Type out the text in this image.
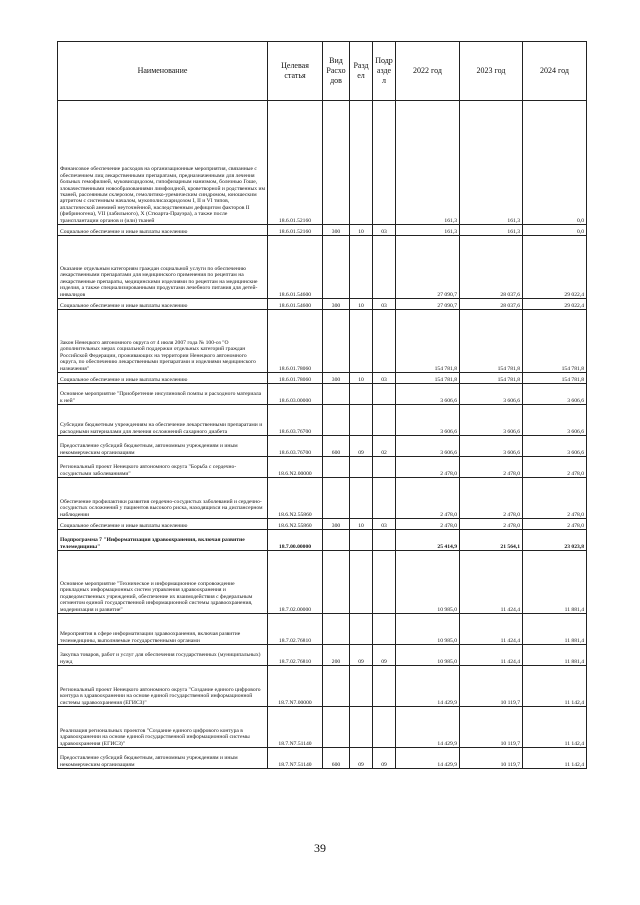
Наименование	Целевая статья	Вид Расхо дов	Разд ел	Подр азде л	2022 год	2023 год	2024 год
Финансовое обеспечение расходов на организационные мероприятия, связанные с обеспечением лиц лекарственными препаратами, предназначенными для лечения больных гемофилией, муковисцидозом, гипофизарным нанизмом, болезнью Гоше, злокачественными новообразованиями лимфоидной, кроветворной и родственных им тканей, рассеянным склерозом, гемолитико-уремическим синдромом, юношеским артритом с системным началом, мукополисахаридозом I, II и VI типов, апластической анемией неуточнённой, наследственным дефицитом факторов II (фибриногена), VII (лабильного), X (Стюарта-Прауэра), а также после трансплантации органов и (или) тканей	18.6.01.52160				161,3	161,3	0,0
Социальное обеспечение и иные выплаты населению	18.6.01.52160	300	10	03	161,3	161,3	0,0
Оказание отдельным категориям граждан социальной услуги по обеспечению лекарственными препаратами для медицинского применения по рецептам на лекарственные препараты, медицинскими изделиями по рецептам на медицинские изделия, а также специализированными продуктами лечебного питания для детей-инвалидов	18.6.01.54600				27 090,7	28 037,6	29 022,4
Социальное обеспечение и иные выплаты населению	18.6.01.54600	300	10	03	27 090,7	28 037,6	29 022,4
Закон Ненецкого автономного округа от 4 июля 2007 года № 100-оз "О дополнительных мерах социальной поддержки отдельных категорий граждан Российской Федерации, проживающих на территории Ненецкого автономного округа, по обеспечению лекарственными препаратами и изделиями медицинского назначения"	18.6.01.78060				154 781,8	154 781,8	154 781,8
Социальное обеспечение и иные выплаты населению	18.6.01.78060	300	10	03	154 781,8	154 781,8	154 781,8
Основное мероприятие "Приобретение инсулиновой помпы и расходного материала к ней"	18.6.03.00000				3 606,6	3 606,6	3 606,6
Субсидии бюджетным учреждениям на обеспечение лекарственными препаратами и расходными материалами для лечения осложнений сахарного диабета	18.6.03.76700				3 606,6	3 606,6	3 606,6
Предоставление субсидий бюджетным, автономным учреждениям и иным некоммерческим организациям	18.6.03.76700	600	09	02	3 606,6	3 606,6	3 606,6
Региональный проект Ненецкого автономного округа "Борьба с сердечно-сосудистыми заболеваниями"	18.6.N2.00000				2 478,0	2 478,0	2 478,0
Обеспечение профилактики развития сердечно-сосудистых заболеваний и сердечно-сосудистых осложнений у пациентов высокого риска, находящихся на диспансерном наблюдении	18.6.N2.55860				2 478,0	2 478,0	2 478,0
Социальное обеспечение и иные выплаты населению	18.6.N2.55860	300	10	03	2 478,0	2 478,0	2 478,0
Подпрограмма 7 "Информатизация здравоохранения, включая развитие телемедицины"	18.7.00.00000				25 414,9	21 564,1	23 023,8
Основное мероприятие "Техническое и информационное сопровождение прикладных информационных систем управления здравоохранения и подведомственных учреждений, обеспечение их взаимодействия с федеральным сегментом единой государственной информационной системы здравоохранения, модернизация и развитие"	18.7.02.00000				10 985,0	11 424,4	11 881,4
Мероприятия в сфере информатизации здравоохранения, включая развитие телемедицины, выполняемые государственными органами	18.7.02.76810				10 985,0	11 424,4	11 881,4
Закупка товаров, работ и услуг для обеспечения государственных (муниципальных) нужд	18.7.02.76810	200	09	09	10 985,0	11 424,4	11 881,4
Региональный проект Ненецкого автономного округа "Создание единого цифрового контура в здравоохранении на основе единой государственной информационной системы здравоохранения (ЕГИСЗ)"	18.7.N7.00000				14 429,9	10 119,7	11 142,4
Реализация региональных проектов "Создание единого цифрового контура в здравоохранении на основе единой государственной информационной системы здравоохранения (ЕГИСЗ)"	18.7.N7.51140				14 429,9	10 119,7	11 142,4
Предоставление субсидий бюджетным, автономным учреждениям и иным некоммерческим организациям	18.7.N7.51140	600	09	09	14 429,9	10 119,7	11 142,4
39
